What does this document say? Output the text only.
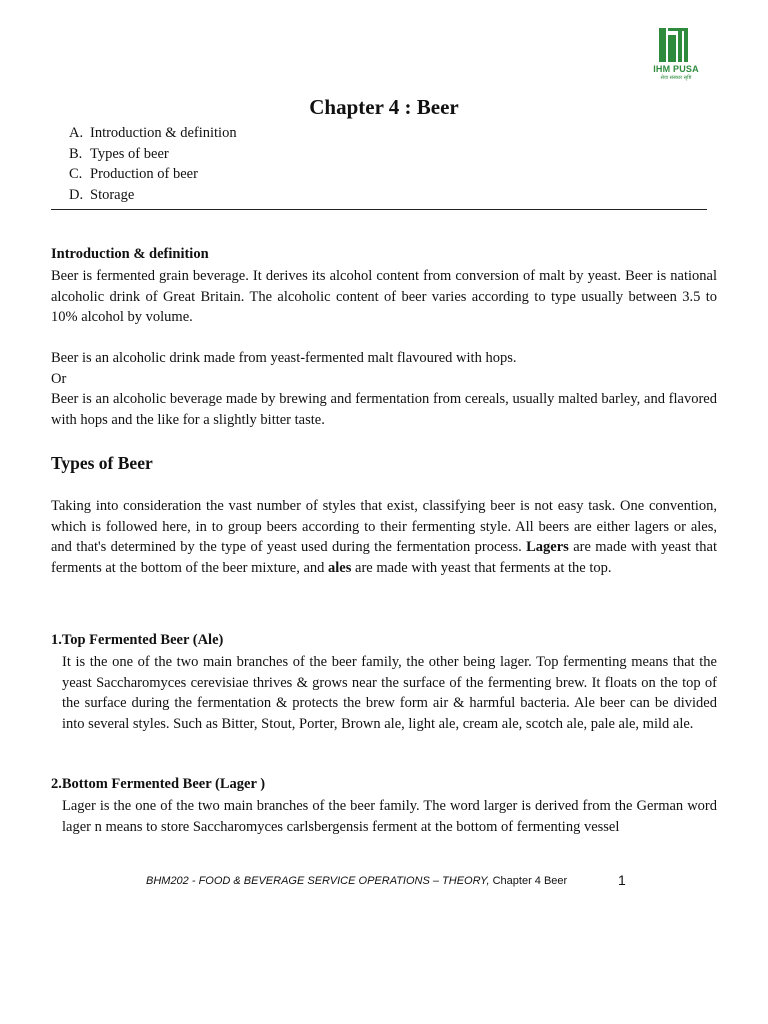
IHM PUSA
सेवा संस्कार सृष्टि
Chapter 4 : Beer
A. Introduction & definition
B. Types of beer
C. Production of beer
D. Storage
Introduction & definition

Beer is fermented grain beverage. It derives its alcohol content from conversion of malt by yeast. Beer is national alcoholic drink of Great Britain. The alcoholic content of beer varies according to type usually between 3.5 to 10% alcohol by volume.

Beer is an alcoholic drink made from yeast-fermented malt flavoured with hops.

Or

Beer is an alcoholic beverage made by brewing and fermentation from cereals, usually malted barley, and flavored with hops and the like for a slightly bitter taste.

Types of Beer

Taking into consideration the vast number of styles that exist, classifying beer is not easy task. One convention, which is followed here, in to group beers according to their fermenting style. All beers are either lagers or ales, and that's determined by the type of yeast used during the fermentation process. Lagers are made with yeast that ferments at the bottom of the beer mixture, and ales are made with yeast that ferments at the top.

1.Top Fermented Beer (Ale)

It is the one of the two main branches of the beer family, the other being lager. Top fermenting means that the yeast Saccharomyces cerevisiae thrives & grows near the surface of the fermenting brew. It floats on the top of the surface during the fermentation & protects the brew form air & harmful bacteria. Ale beer can be divided into several styles. Such as Bitter, Stout, Porter, Brown ale, light ale, cream ale, scotch ale, pale ale, mild ale.

2.Bottom Fermented Beer (Lager )

Lager is the one of the two main branches of the beer family. The word larger is derived from the German word lager n means to store Saccharomyces carlsbergensis ferment at the bottom of fermenting vessel

BHM202 - FOOD & BEVERAGE SERVICE OPERATIONS – THEORY, Chapter 4 Beer	1
